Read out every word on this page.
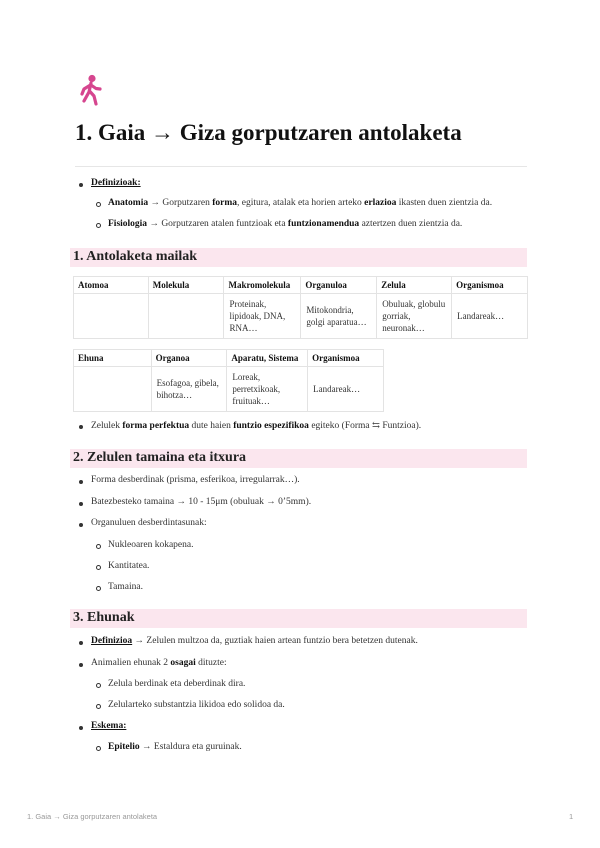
1. Gaia → Giza gorputzaren antolaketa
Definizioak:
Anatomia → Gorputzaren forma, egitura, atalak eta horien arteko erlazioa ikasten duen zientzia da.
Fisiologia → Gorputzaren atalen funtzioak eta funtzionamendua aztertzen duen zientzia da.
1. Antolaketa mailak
Atomoa	Molekula	Makromolekula	Organuloa	Zelula	Organismoa

		Proteinak,
lipidoak, DNA,
RNA…	Mitokondria,
golgi aparatua…	Obuluak, globulu
gorriak,
neuronak…	Landareak…
Ehuna	Organoa	Aparatu, Sistema	Organismoa

	Esofagoa, gibela,
bihotza…	Loreak,
perretxikoak,
fruituak…	Landareak…
Zelulek forma perfektua dute haien funtzio espezifikoa egiteko (Forma ⇆ Funtzioa).
2. Zelulen tamaina eta itxura
Forma desberdinak (prisma, esferikoa, irregularrak…).
Batezbesteko tamaina → 10 - 15μm (obuluak → 0’5mm).
Organuluen desberdintasunak:
Nukleoaren kokapena.
Kantitatea.
Tamaina.
3. Ehunak
Definizioa → Zelulen multzoa da, guztiak haien artean funtzio bera betetzen dutenak.
Animalien ehunak 2 osagai dituzte:
Zelula berdinak eta deberdinak dira.
Zelularteko substantzia likidoa edo solidoa da.
Eskema:
Epitelio → Estaldura eta guruinak.
1. Gaia → Giza gorputzaren antolaketa	1
